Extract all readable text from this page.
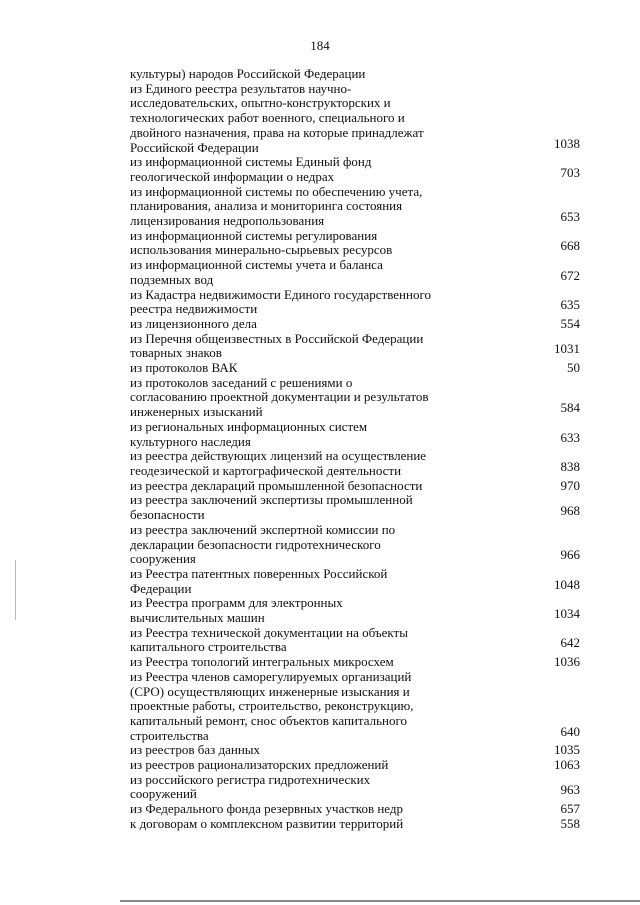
184
культуры) народов Российской Федерации
из Единого реестра результатов научно-
исследовательских, опытно-конструкторских и
технологических работ военного, специального и
двойного назначения, права на которые принадлежат
Российской Федерации	1038
из информационной системы Единый фонд
геологической информации о недрах	703
из информационной системы по обеспечению учета,
планирования, анализа и мониторинга состояния
лицензирования недропользования	653
из информационной системы регулирования
использования минерально-сырьевых ресурсов	668
из информационной системы учета и баланса
подземных вод	672
из Кадастра недвижимости Единого государственного
реестра недвижимости	635
из лицензионного дела	554
из Перечня общеизвестных в Российской Федерации
товарных знаков	1031
из протоколов ВАК	50
из протоколов заседаний с решениями о
согласованию проектной документации и результатов
инженерных изысканий	584
из региональных информационных систем
культурного наследия	633
из реестра действующих лицензий на осуществление
геодезической и картографической деятельности	838
из реестра деклараций промышленной безопасности	970
из реестра заключений экспертизы промышленной
безопасности	968
из реестра заключений экспертной комиссии по
декларации безопасности гидротехнического
сооружения	966
из Реестра патентных поверенных Российской
Федерации	1048
из Реестра программ для электронных
вычислительных машин	1034
из Реестра технической документации на объекты
капитального строительства	642
из Реестра топологий интегральных микросхем	1036
из Реестра членов саморегулируемых организаций
(СРО) осуществляющих инженерные изыскания и
проектные работы, строительство, реконструкцию,
капитальный ремонт, снос объектов капитального
строительства	640
из реестров баз данных	1035
из реестров рационализаторских предложений	1063
из российского регистра гидротехнических
сооружений	963
из Федерального фонда резервных участков недр	657
к договорам о комплексном развитии территорий	558
